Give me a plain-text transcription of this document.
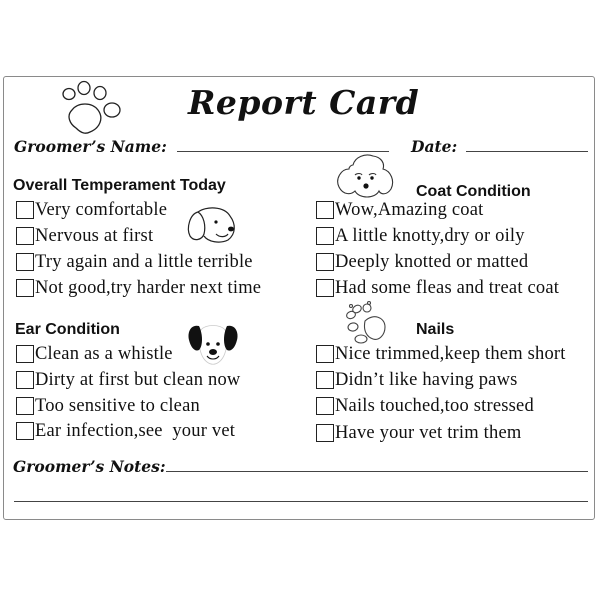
Report Card
Groomer’s Name:	Date:
Overall Temperament Today
Very comfortable
Nervous at first
Try again and a little terrible
Not good,try harder next time
Coat Condition
Wow,Amazing coat
A little knotty,dry or oily
Deeply knotted or matted
Had some fleas and treat coat
Ear Condition
Clean as a whistle
Dirty at first but clean now
Too sensitive to clean
Ear infection,see  your vet
Nails
Nice trimmed,keep them short
Didn’t like having paws
Nails touched,too stressed
Have your vet trim them
Groomer’s Notes:
